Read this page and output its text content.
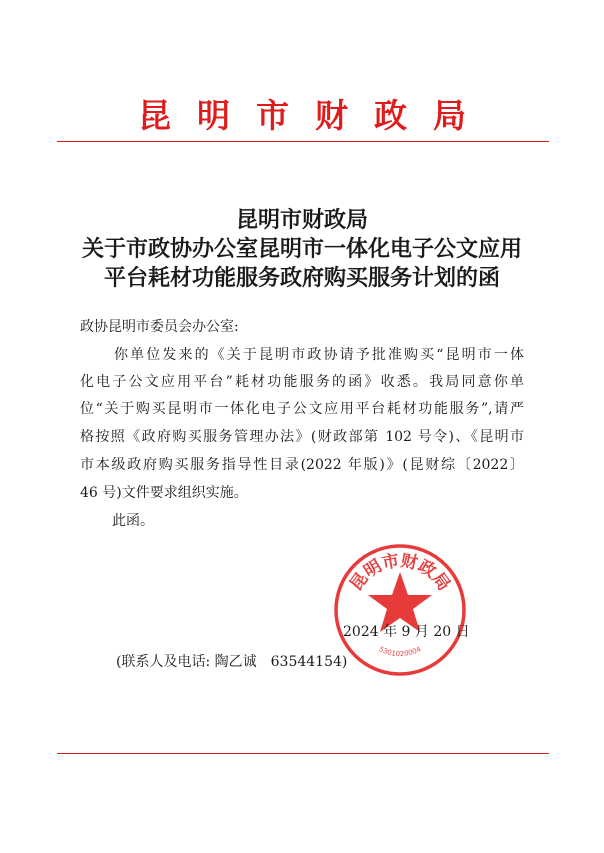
昆明市财政局
昆明市财政局
关于市政协办公室昆明市一体化电子公文应用
平台耗材功能服务政府购买服务计划的函
政协昆明市委员会办公室:
你单位发来的《关于昆明市政协请予批准购买“昆明市一体
化电子公文应用平台”耗材功能服务的函》收悉。我局同意你单
位“关于购买昆明市一体化电子公文应用平台耗材功能服务”,请严
格按照《政府购买服务管理办法》(财政部第 102 号令)、《昆明市
市本级政府购买服务指导性目录(2022 年版)》(昆财综〔2022〕
46 号)文件要求组织实施。
此函。
昆明市财政局
5301020004
2024 年 9 月 20 日
(联系人及电话: 陶乙诚　63544154)
